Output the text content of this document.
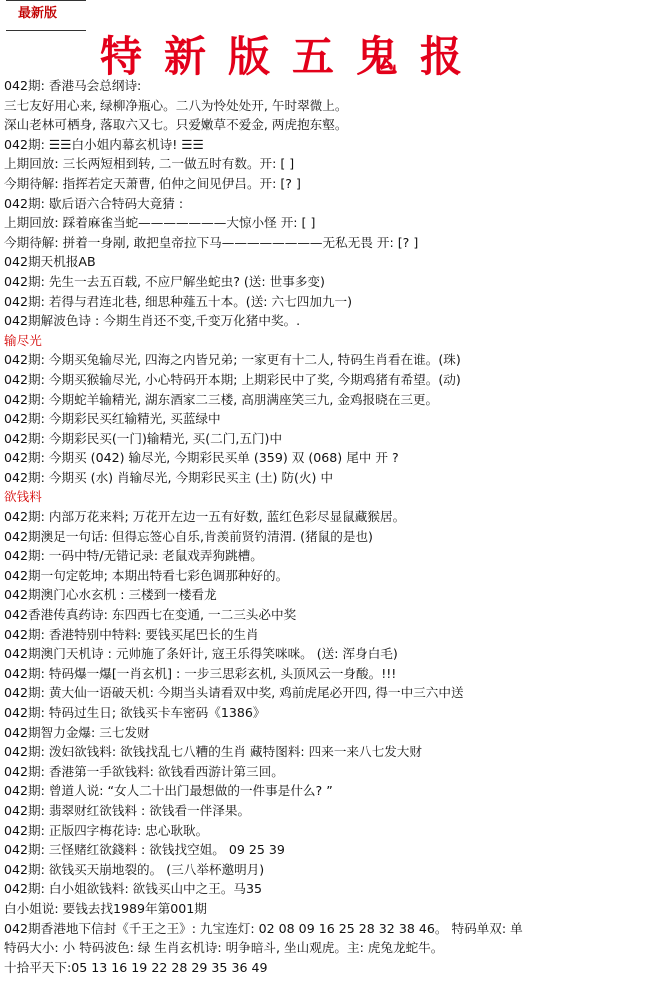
最新版
特新版五鬼报
042期: 香港马会总纲诗:
三七友好用心来, 绿柳净瓶心。二八为怜处处开, 午时翠微上。
深山老林可栖身, 落取六又七。只爱嫩草不爱金, 两虎抱东壑。
042期: ☰☰白小姐内幕玄机诗! ☰☰
上期回放: 三长两短相到转, 二一做五时有数。开: [ ]
今期待解: 指挥若定天萧曹, 伯仲之间见伊吕。开: [? ]
042期: 歇后语六合特码大竟猜 :
上期回放: 踩着麻雀当蛇———————大惊小怪 开: [ ]
今期待解: 拼着一身剐, 敢把皇帝拉下马————————无私无畏 开: [? ]
042期天机报AB
042期: 先生一去五百载, 不应尸解坐蛇虫? (送: 世事多变)
042期: 若得与君连北巷, 细思种薤五十本。(送: 六七四加九一)
042期解波色诗 : 今期生肖还不变,千变万化猪中奖。.
输尽光
042期: 今期买兔输尽光, 四海之内皆兄弟; 一家更有十二人, 特码生肖看在谁。(珠)
042期: 今期买猴输尽光, 小心特码开本期; 上期彩民中了奖, 今期鸡猪有希望。(动)
042期: 今期蛇羊输精光, 湖东酒家二三楼, 高朋满座笑三九, 金鸡报晓在三更。
042期: 今期彩民买红输精光, 买蓝绿中
042期: 今期彩民买(一门)输精光, 买(二门,五门)中
042期: 今期买 (042) 输尽光, 今期彩民买单 (359) 双 (068) 尾中 开 ?
042期: 今期买 (水) 肖输尽光, 今期彩民买主 (土) 防(火) 中
欲钱料
042期: 内部万花来料; 万花开左边一五有好数, 蓝红色彩尽显鼠藏猴居。
042期澳足一句话: 但得忘签心自乐,肯羡前贤钓清渭. (猪鼠的是也)
042期: 一码中特/无错记录: 老鼠戏弄狗跳槽。
042期一句定乾坤; 本期出特看七彩色调那种好的。
042期澳门心水玄机 : 三楼到一楼看龙
042香港传真药诗: 东四西七在变通, 一二三头必中奖
042期: 香港特别中特料: 要钱买尾巴长的生肖
042期澳门天机诗 : 元帅施了条奸计, 寇王乐得笑咪咪。 (送: 浑身白毛)
042期: 特码爆一爆[一肖玄机] : 一步三思彩玄机, 头顶风云一身酸。!!!
042期: 黄大仙一语破天机: 今期当头请看双中奖, 鸡前虎尾必开四, 得一中三六中送
042期: 特码过生日; 欲钱买卡车密码《1386》
042期智力金爆: 三七发财
042期: 泼妇欲钱料: 欲钱找乱七八糟的生肖 藏特图料: 四来一来八七发大财
042期: 香港第一手欲钱料: 欲钱看西游计第三回。
042期: 曾道人说: “女人二十出门最想做的一件事是什么? ”
042期: 翡翠财红欲钱料 : 欲钱看一伴泽果。
042期: 正版四字梅花诗: 忠心耿耿。
042期: 三怪赌红欲錢料 : 欲钱找空姐。 09 25 39
042期: 欲钱买天崩地裂的。 (三八举杯邀明月)
042期: 白小姐欲钱料: 欲钱买山中之王。马35
白小姐说: 要钱去找1989年第001期
042期香港地下信封《千王之王》: 九宝连灯: 02 08 09 16 25 28 32 38 46。 特码单双: 单
特码大小: 小 特码波色: 绿 生肖玄机诗: 明争暗斗, 坐山观虎。主: 虎兔龙蛇牛。
十拾平天下:05 13 16 19 22 28 29 35 36 49
